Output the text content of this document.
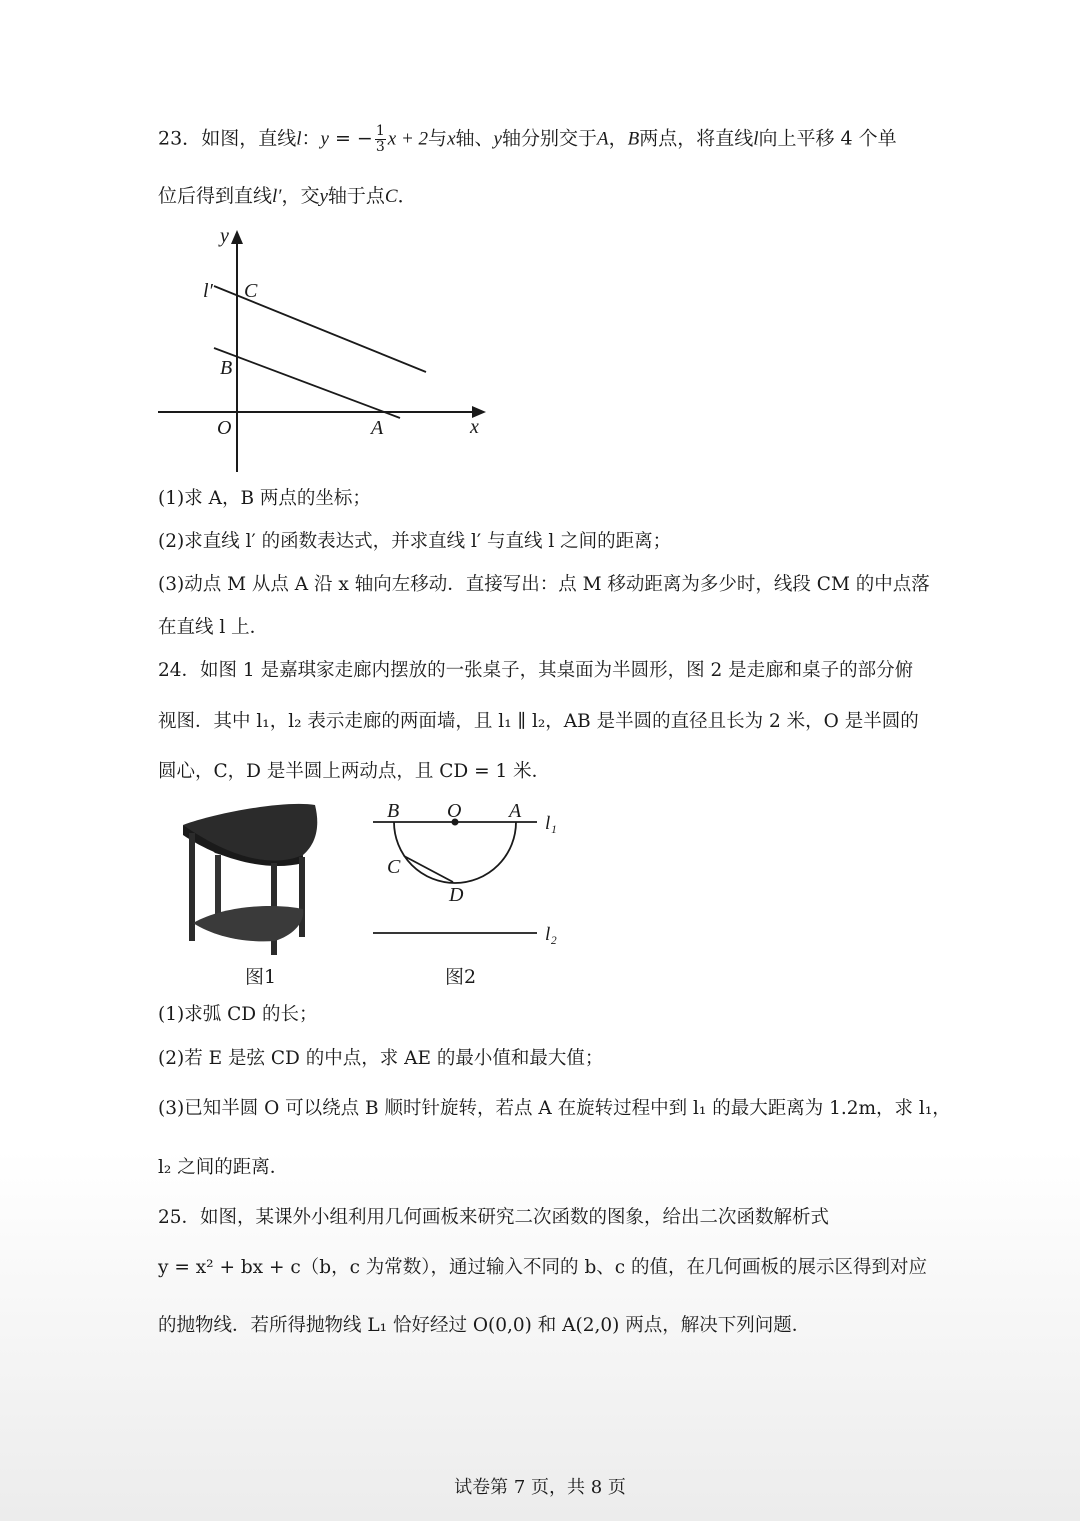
23．如图，直线l：y = − $\frac{1}{3}$ x + 2与x轴、y轴分别交于A，B两点，将直线l向上平移 4 个单
位后得到直线l′，交y轴于点C．
y
x
O	A
B
C
l′
(1)求 A，B 两点的坐标；
(2)求直线 l′ 的函数表达式，并求直线 l′ 与直线 l 之间的距离；
(3)动点 M 从点 A 沿 x 轴向左移动．直接写出：点 M 移动距离为多少时，线段 CM 的中点落
在直线 l 上．
24．如图 1 是嘉琪家走廊内摆放的一张桌子，其桌面为半圆形，图 2 是走廊和桌子的部分俯
视图．其中 l₁，l₂ 表示走廊的两面墙，且 l₁ ∥ l₂，AB 是半圆的直径且长为 2 米，O 是半圆的
圆心，C，D 是半圆上两动点，且 CD = 1 米．
图1
B O A
C
D
l₁
l₂
图2
(1)求弧 CD 的长；
(2)若 E 是弦 CD 的中点，求 AE 的最小值和最大值；
(3)已知半圆 O 可以绕点 B 顺时针旋转，若点 A 在旋转过程中到 l₁ 的最大距离为 1.2m，求 l₁，
l₂ 之间的距离．
25．如图，某课外小组利用几何画板来研究二次函数的图象，给出二次函数解析式
y = x² + bx + c（b，c 为常数），通过输入不同的 b、c 的值，在几何画板的展示区得到对应
的抛物线．若所得抛物线 L₁ 恰好经过 O(0,0) 和 A(2,0) 两点，解决下列问题．
试卷第 7 页，共 8 页
